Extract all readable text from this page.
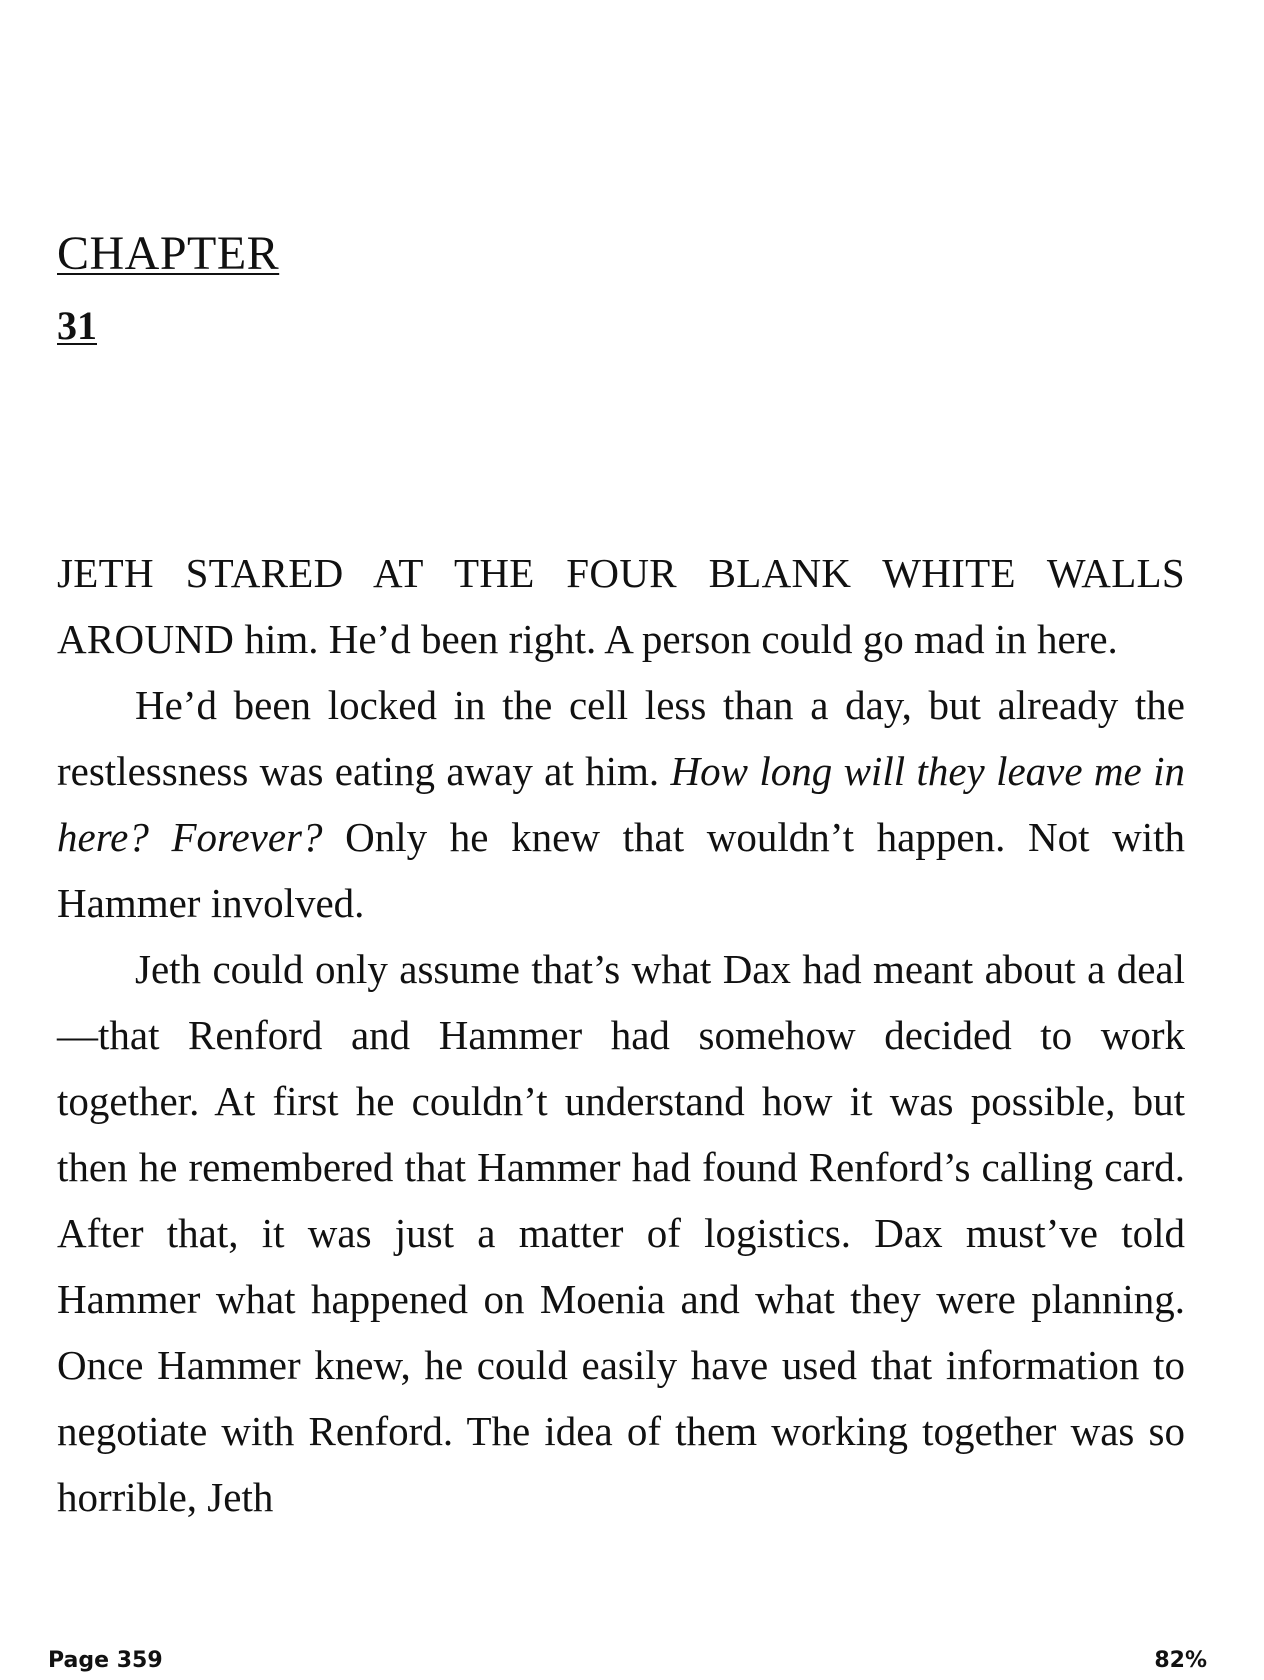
CHAPTER
31

JETH STARED AT THE FOUR BLANK WHITE WALLS AROUND him. He’d been right. A person could go mad in here.

He’d been locked in the cell less than a day, but already the restlessness was eating away at him. How long will they leave me in here? Forever? Only he knew that wouldn’t happen. Not with Hammer involved.

Jeth could only assume that’s what Dax had meant about a deal—that Renford and Hammer had somehow decided to work together. At first he couldn’t understand how it was possible, but then he remembered that Hammer had found Renford’s calling card. After that, it was just a matter of logistics. Dax must’ve told Hammer what happened on Moenia and what they were planning. Once Hammer knew, he could easily have used that information to negotiate with Renford. The idea of them working together was so horrible, Jeth

Page 359	82%
